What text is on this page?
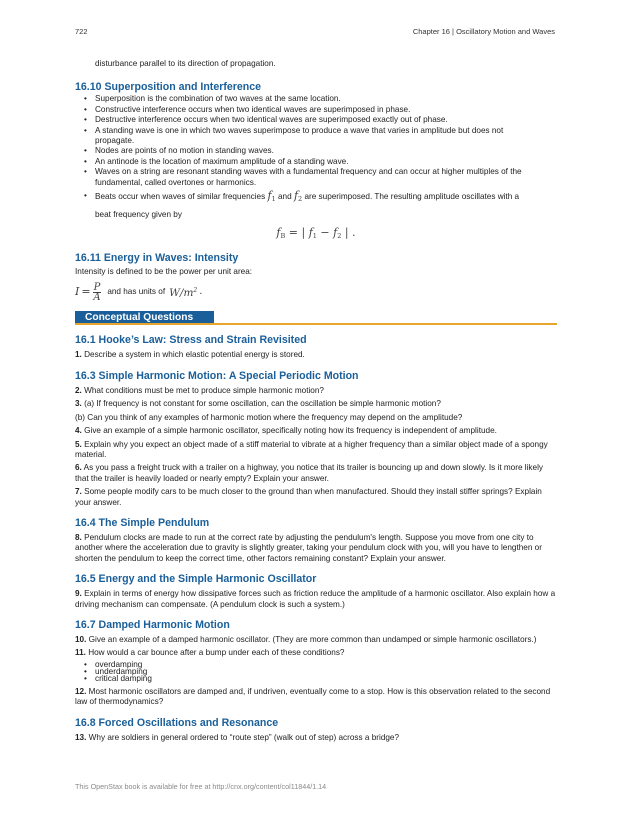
722	Chapter 16 | Oscillatory Motion and Waves

disturbance parallel to its direction of propagation.

16.10 Superposition and Interference
• Superposition is the combination of two waves at the same location.
• Constructive interference occurs when two identical waves are superimposed in phase.
• Destructive interference occurs when two identical waves are superimposed exactly out of phase.
• A standing wave is one in which two waves superimpose to produce a wave that varies in amplitude but does not
propagate.
• Nodes are points of no motion in standing waves.
• An antinode is the location of maximum amplitude of a standing wave.
• Waves on a string are resonant standing waves with a fundamental frequency and can occur at higher multiples of the
fundamental, called overtones or harmonics.
• Beats occur when waves of similar frequencies $f_1$ and $f_2$ are superimposed. The resulting amplitude oscillates with a
beat frequency given by
$f_B$ = | $f_1 - f_2$ | .
16.11 Energy in Waves: Intensity

Intensity is defined to be the power per unit area:

$I = \frac{P}{A}$ and has units of $W/m^2$ .
Conceptual Questions
16.1 Hooke’s Law: Stress and Strain Revisited

1. Describe a system in which elastic potential energy is stored.

16.3 Simple Harmonic Motion: A Special Periodic Motion

2. What conditions must be met to produce simple harmonic motion?

3. (a) If frequency is not constant for some oscillation, can the oscillation be simple harmonic motion?

(b) Can you think of any examples of harmonic motion where the frequency may depend on the amplitude?

4. Give an example of a simple harmonic oscillator, specifically noting how its frequency is independent of amplitude.

5. Explain why you expect an object made of a stiff material to vibrate at a higher frequency than a similar object made of a spongy material.

6. As you pass a freight truck with a trailer on a highway, you notice that its trailer is bouncing up and down slowly. Is it more likely that the trailer is heavily loaded or nearly empty? Explain your answer.

7. Some people modify cars to be much closer to the ground than when manufactured. Should they install stiffer springs? Explain your answer.

16.4 The Simple Pendulum

8. Pendulum clocks are made to run at the correct rate by adjusting the pendulum's length. Suppose you move from one city to another where the acceleration due to gravity is slightly greater, taking your pendulum clock with you, will you have to lengthen or shorten the pendulum to keep the correct time, other factors remaining constant? Explain your answer.

16.5 Energy and the Simple Harmonic Oscillator

9. Explain in terms of energy how dissipative forces such as friction reduce the amplitude of a harmonic oscillator. Also explain how a driving mechanism can compensate. (A pendulum clock is such a system.)

16.7 Damped Harmonic Motion

10. Give an example of a damped harmonic oscillator. (They are more common than undamped or simple harmonic oscillators.)

11. How would a car bounce after a bump under each of these conditions?

• overdamping
• underdamping
• critical damping

12. Most harmonic oscillators are damped and, if undriven, eventually come to a stop. How is this observation related to the second law of thermodynamics?

16.8 Forced Oscillations and Resonance

13. Why are soldiers in general ordered to “route step” (walk out of step) across a bridge?

This OpenStax book is available for free at http://cnx.org/content/col11844/1.14
